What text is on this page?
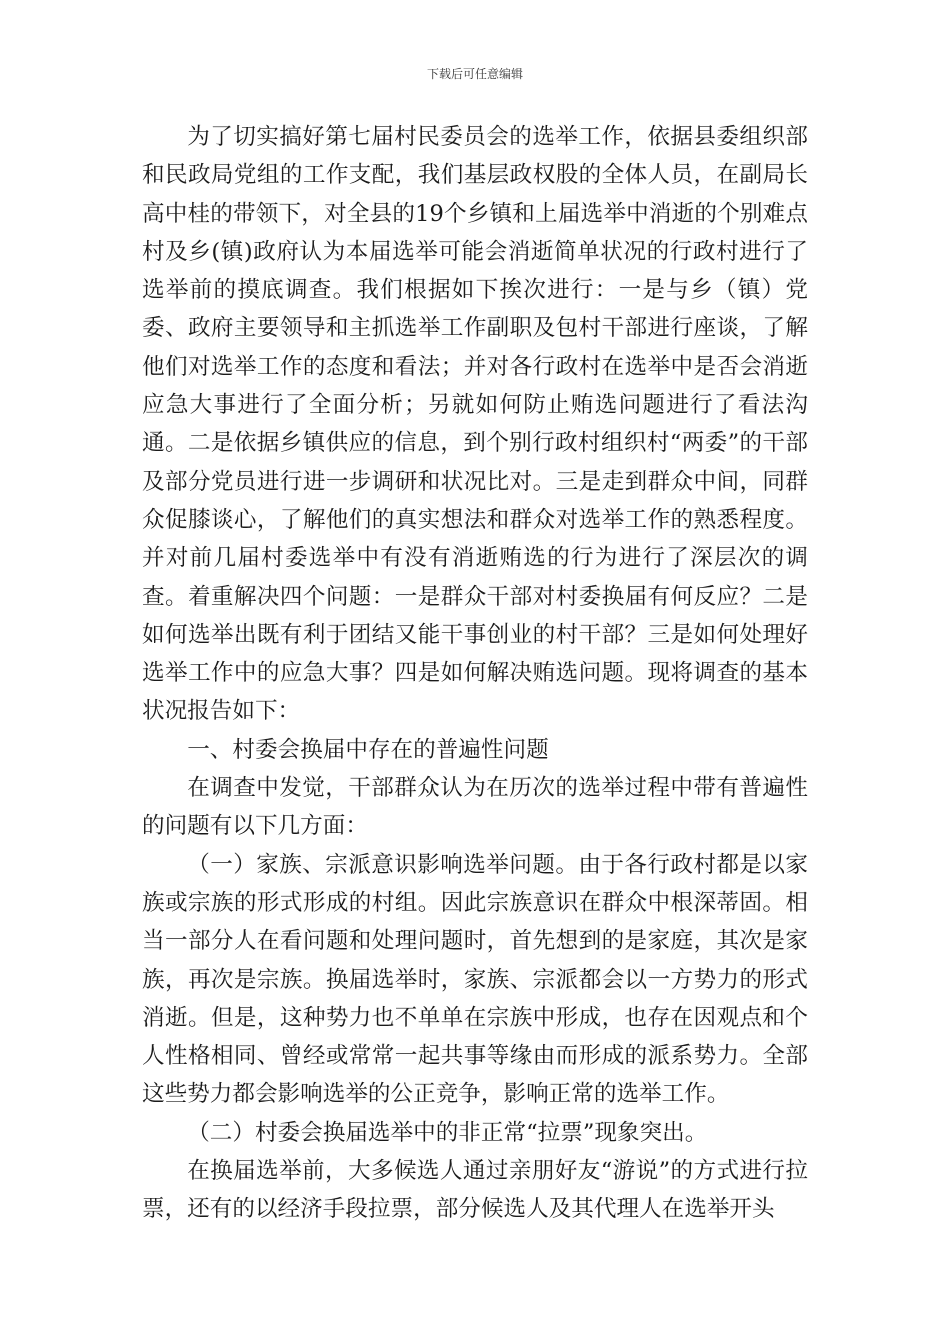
下载后可任意编辑

为了切实搞好第七届村民委员会的选举工作，依据县委组织部和民政局党组的工作支配，我们基层政权股的全体人员，在副局长高中桂的带领下，对全县的19个乡镇和上届选举中消逝的个别难点村及乡(镇)政府认为本届选举可能会消逝简单状况的行政村进行了选举前的摸底调查。我们根据如下挨次进行：一是与乡（镇）党委、政府主要领导和主抓选举工作副职及包村干部进行座谈，了解他们对选举工作的态度和看法；并对各行政村在选举中是否会消逝应急大事进行了全面分析；另就如何防止贿选问题进行了看法沟通。二是依据乡镇供应的信息，到个别行政村组织村“两委”的干部及部分党员进行进一步调研和状况比对。三是走到群众中间，同群众促膝谈心，了解他们的真实想法和群众对选举工作的熟悉程度。并对前几届村委选举中有没有消逝贿选的行为进行了深层次的调查。着重解决四个问题：一是群众干部对村委换届有何反应？二是如何选举出既有利于团结又能干事创业的村干部？三是如何处理好选举工作中的应急大事？四是如何解决贿选问题。现将调查的基本状况报告如下：

一、村委会换届中存在的普遍性问题

在调查中发觉，干部群众认为在历次的选举过程中带有普遍性的问题有以下几方面：

（一）家族、宗派意识影响选举问题。由于各行政村都是以家族或宗族的形式形成的村组。因此宗族意识在群众中根深蒂固。相当一部分人在看问题和处理问题时，首先想到的是家庭，其次是家族，再次是宗族。换届选举时，家族、宗派都会以一方势力的形式消逝。但是，这种势力也不单单在宗族中形成，也存在因观点和个人性格相同、曾经或常常一起共事等缘由而形成的派系势力。全部这些势力都会影响选举的公正竞争，影响正常的选举工作。

（二）村委会换届选举中的非正常“拉票”现象突出。

在换届选举前，大多候选人通过亲朋好友“游说”的方式进行拉票，还有的以经济手段拉票，部分候选人及其代理人在选举开头
